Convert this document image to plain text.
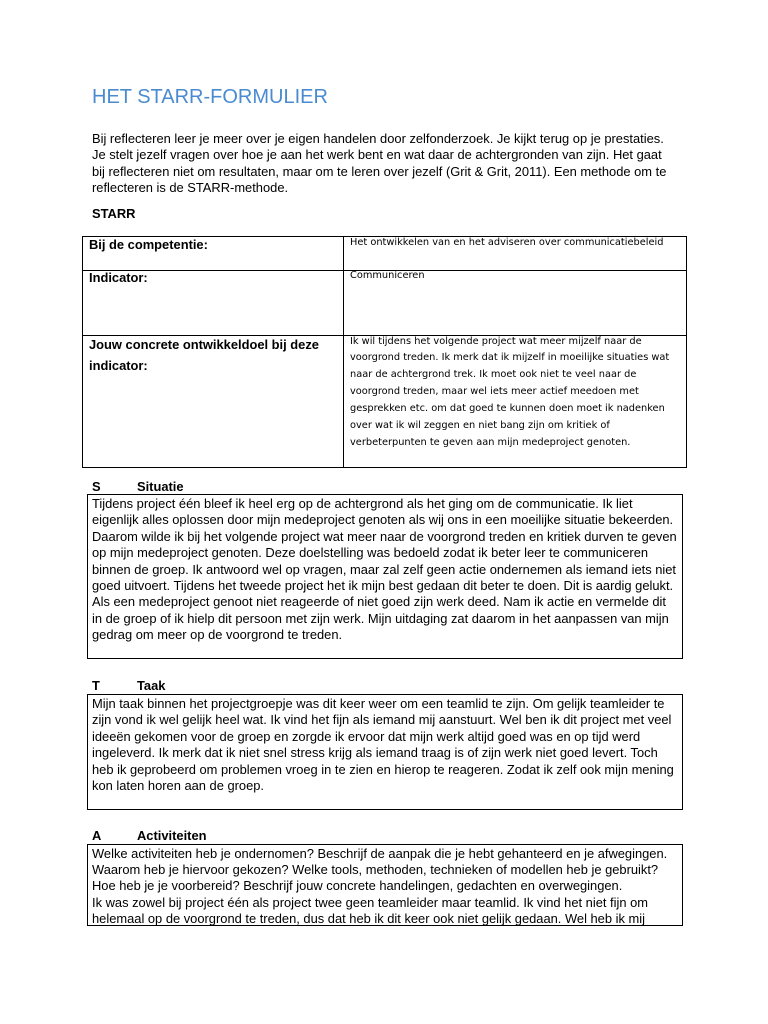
HET STARR-FORMULIER
Bij reflecteren leer je meer over je eigen handelen door zelfonderzoek. Je kijkt terug op je prestaties.
Je stelt jezelf vragen over hoe je aan het werk bent en wat daar de achtergronden van zijn. Het gaat
bij reflecteren niet om resultaten, maar om te leren over jezelf (Grit & Grit, 2011). Een methode om te
reflecteren is de STARR-methode.
STARR
Bij de competentie:	Het ontwikkelen van en het adviseren over communicatiebeleid
Indicator:	Communiceren
Jouw concrete ontwikkeldoel bij deze
indicator:
Ik wil tijdens het volgende project wat meer mijzelf naar de
voorgrond treden. Ik merk dat ik mijzelf in moeilijke situaties wat
naar de achtergrond trek. Ik moet ook niet te veel naar de
voorgrond treden, maar wel iets meer actief meedoen met
gesprekken etc. om dat goed te kunnen doen moet ik nadenken
over wat ik wil zeggen en niet bang zijn om kritiek of
verbeterpunten te geven aan mijn medeproject genoten.
S	Situatie
Tijdens project één bleef ik heel erg op de achtergrond als het ging om de communicatie. Ik liet
eigenlijk alles oplossen door mijn medeproject genoten als wij ons in een moeilijke situatie bekeerden.
Daarom wilde ik bij het volgende project wat meer naar de voorgrond treden en kritiek durven te geven
op mijn medeproject genoten. Deze doelstelling was bedoeld zodat ik beter leer te communiceren
binnen de groep. Ik antwoord wel op vragen, maar zal zelf geen actie ondernemen als iemand iets niet
goed uitvoert. Tijdens het tweede project het ik mijn best gedaan dit beter te doen. Dit is aardig gelukt.
Als een medeproject genoot niet reageerde of niet goed zijn werk deed. Nam ik actie en vermelde dit
in de groep of ik hielp dit persoon met zijn werk. Mijn uitdaging zat daarom in het aanpassen van mijn
gedrag om meer op de voorgrond te treden.
T	Taak
Mijn taak binnen het projectgroepje was dit keer weer om een teamlid te zijn. Om gelijk teamleider te
zijn vond ik wel gelijk heel wat. Ik vind het fijn als iemand mij aanstuurt. Wel ben ik dit project met veel
ideeën gekomen voor de groep en zorgde ik ervoor dat mijn werk altijd goed was en op tijd werd
ingeleverd. Ik merk dat ik niet snel stress krijg als iemand traag is of zijn werk niet goed levert. Toch
heb ik geprobeerd om problemen vroeg in te zien en hierop te reageren. Zodat ik zelf ook mijn mening
kon laten horen aan de groep.
A	Activiteiten
Welke activiteiten heb je ondernomen? Beschrijf de aanpak die je hebt gehanteerd en je afwegingen.
Waarom heb je hiervoor gekozen? Welke tools, methoden, technieken of modellen heb je gebruikt?
Hoe heb je je voorbereid? Beschrijf jouw concrete handelingen, gedachten en overwegingen.
Ik was zowel bij project één als project twee geen teamleider maar teamlid. Ik vind het niet fijn om
helemaal op de voorgrond te treden, dus dat heb ik dit keer ook niet gelijk gedaan. Wel heb ik mij
